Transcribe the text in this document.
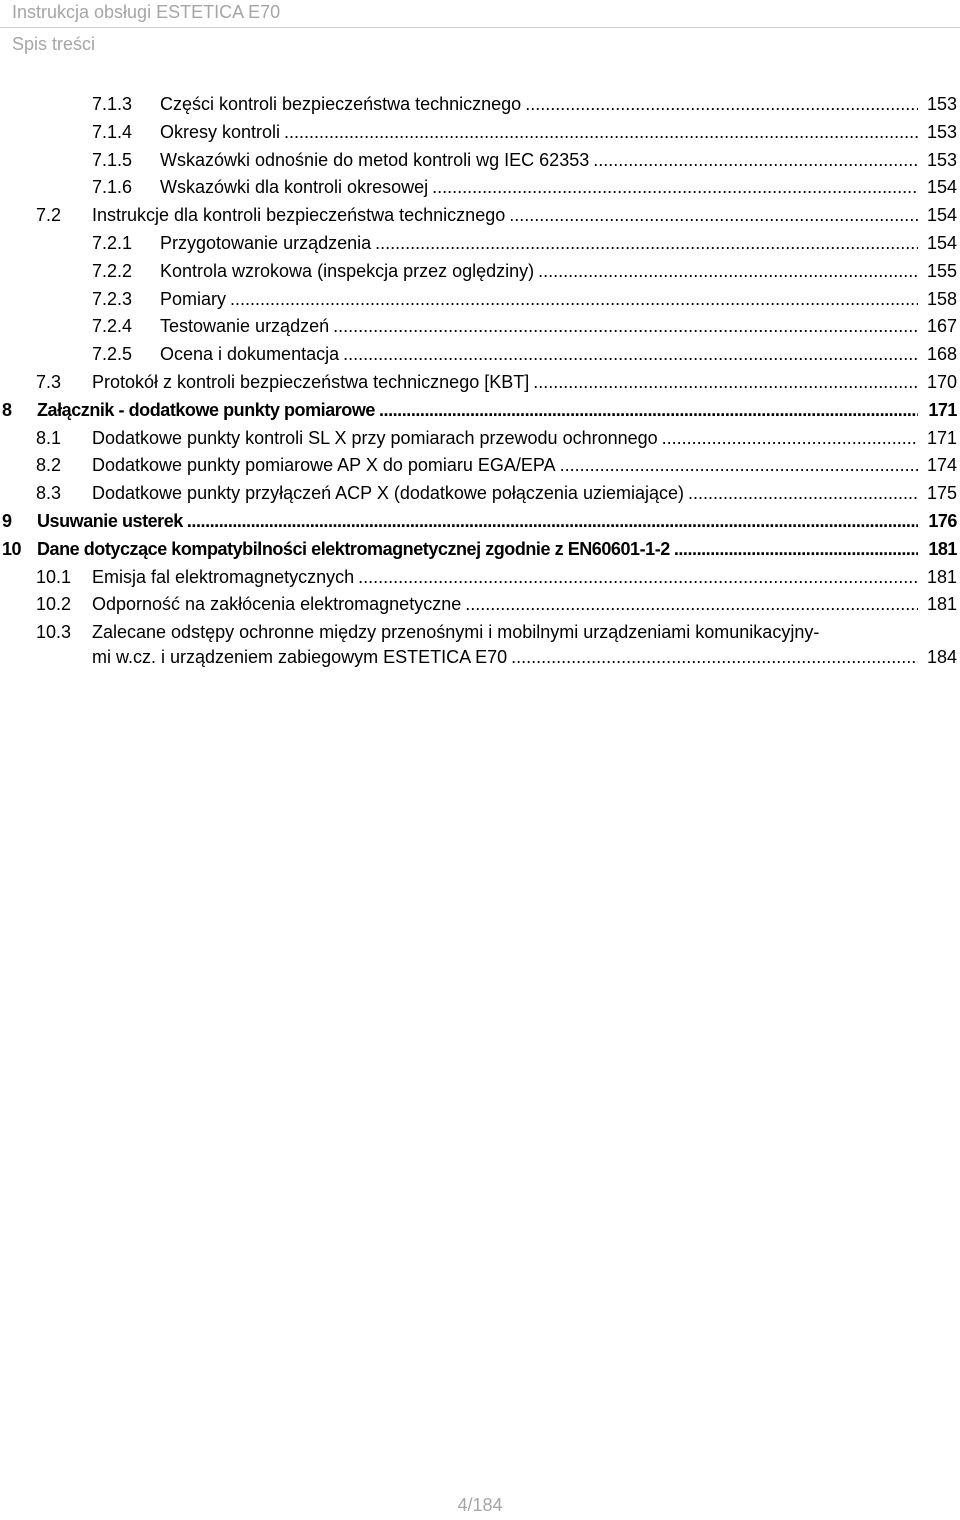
Instrukcja obsługi ESTETICA E70
Spis treści
7.1.3 Części kontroli bezpieczeństwa technicznego .....	153
7.1.4 Okresy kontroli .....	153
7.1.5 Wskazówki odnośnie do metod kontroli wg IEC 62353 .....	153
7.1.6 Wskazówki dla kontroli okresowej .....	154
7.2 Instrukcje dla kontroli bezpieczeństwa technicznego .....	154
7.2.1 Przygotowanie urządzenia .....	154
7.2.2 Kontrola wzrokowa (inspekcja przez oględziny) .....	155
7.2.3 Pomiary .....	158
7.2.4 Testowanie urządzeń .....	167
7.2.5 Ocena i dokumentacja .....	168
7.3 Protokół z kontroli bezpieczeństwa technicznego [KBT] .....	170
8 Załącznik - dodatkowe punkty pomiarowe .....	171
8.1 Dodatkowe punkty kontroli SL X przy pomiarach przewodu ochronnego .....	171
8.2 Dodatkowe punkty pomiarowe AP X do pomiaru EGA/EPA .....	174
8.3 Dodatkowe punkty przyłączeń ACP X (dodatkowe połączenia uziemiające) .....	175
9 Usuwanie usterek .....	176
10 Dane dotyczące kompatybilności elektromagnetycznej zgodnie z EN60601-1-2 .....	181
10.1 Emisja fal elektromagnetycznych .....	181
10.2 Odporność na zakłócenia elektromagnetyczne .....	181
10.3 Zalecane odstępy ochronne między przenośnymi i mobilnymi urządzeniami komunikacyjny-
mi w.cz. i urządzeniem zabiegowym ESTETICA E70 .....	184
4/184
